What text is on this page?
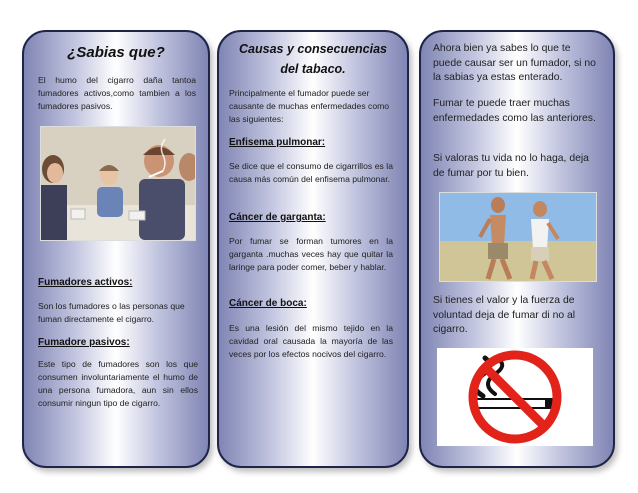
¿Sabias que?
El humo del cigarro daña tantoa fumadores activos,como tambien a los fumadores pasivos.
Fumadores activos:
Son los fumadores o las personas que fuman directamente el cigarro.
Fumadore pasivos:
Este tipo de fumadores son los que consumen involuntariamente el humo de una persona fumadora, aun sin ellos consumir ningun tipo de cigarro.
Causas y consecuencias
del tabaco.
Principalmente el fumador puede ser causante de muchas enfermedades como las siguientes:
Enfisema pulmonar:
Se dice que el consumo de cigarrillos es la causa más común del enfisema pulmonar.
Cáncer de garganta:
Por fumar se forman tumores en la garganta .muchas veces hay que quitar la laringe para poder comer, beber y hablar.
Cáncer de boca:
Es una lesión del mismo tejido en la cavidad oral causada la mayoría de las veces por los efectos nocivos del cigarro.
Ahora bien ya sabes lo que te puede causar ser un fumador, si no la sabias ya estas enterado.
Fumar te puede traer muchas enfermedades como las anteriores.
Si valoras tu vida no lo haga, deja de fumar por tu bien.
Si tienes el valor y la fuerza de voluntad deja de fumar di no al cigarro.
